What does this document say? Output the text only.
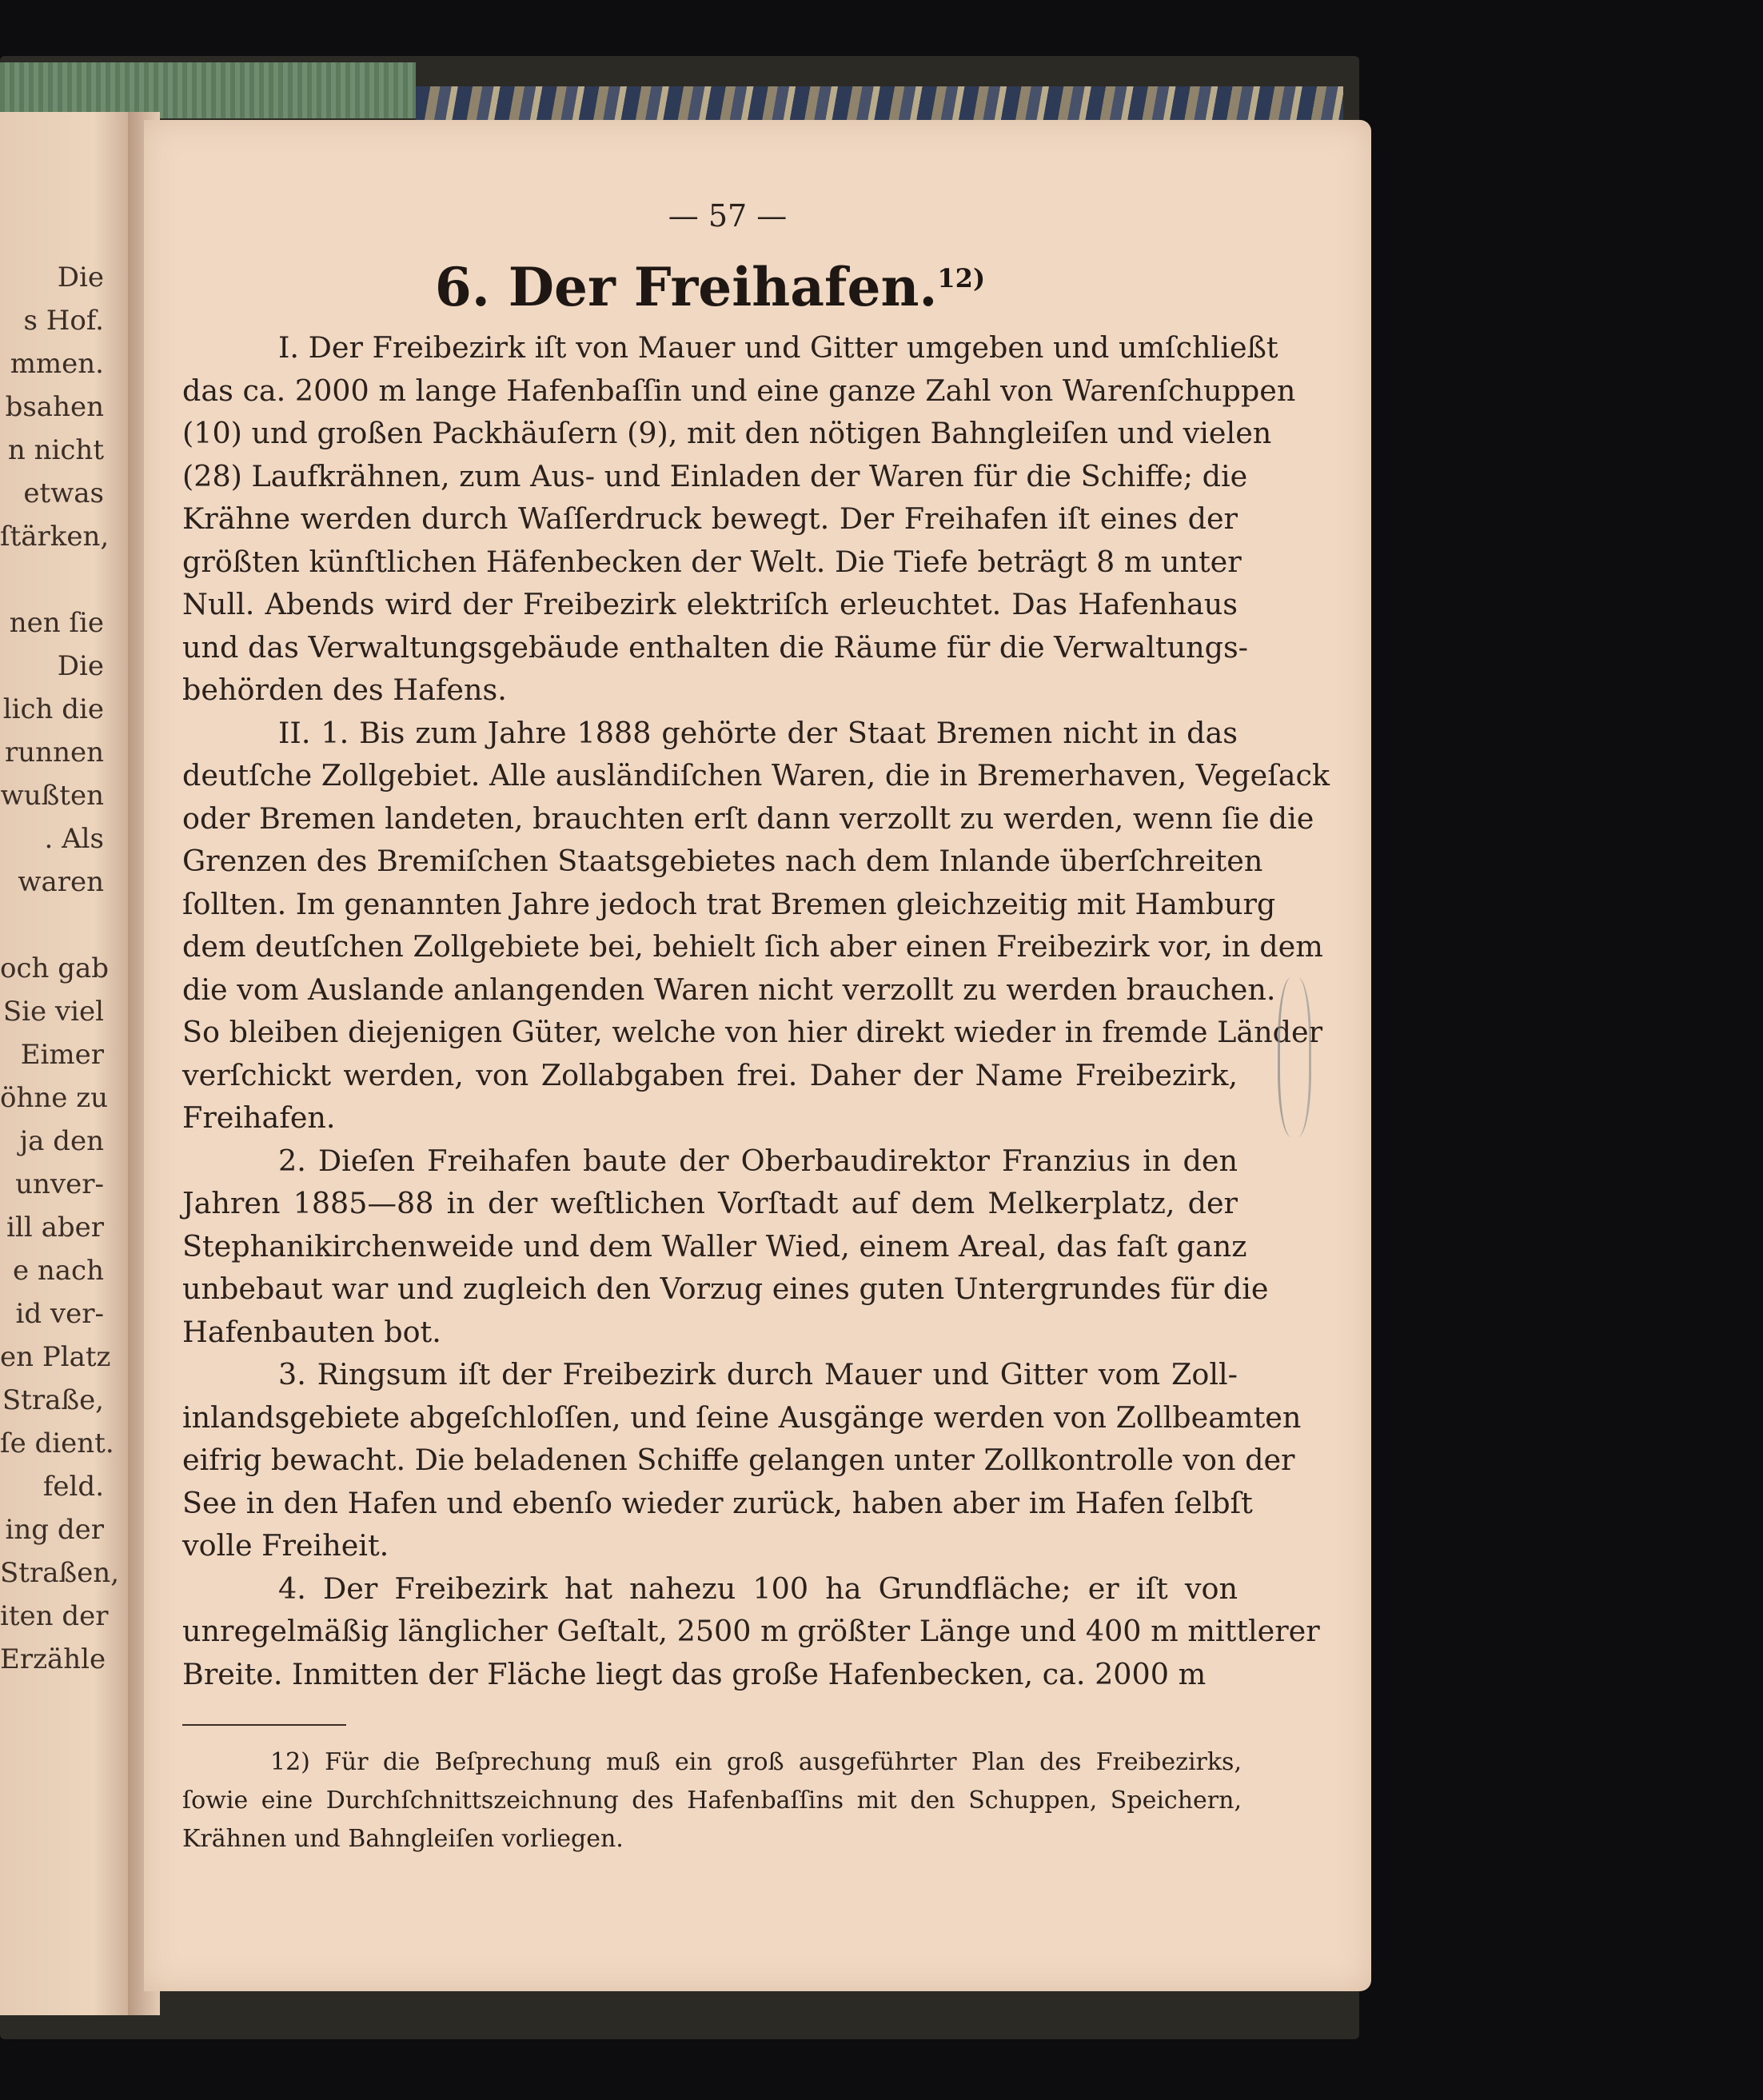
Die
s Hof.
mmen.
bsahen
n nicht
etwas
ſtärken,
nen ſie
Die
lich die
runnen
wußten
. Als
waren
och gab
Sie viel
Eimer
öhne zu
ja den
unver-
ill aber
e nach
id ver-
en Platz
Straße,
ſe dient.
feld.
ing der
Straßen,
iten der
Erzähle
— 57 —
6. Der Freihafen.$^{12)}$
I. Der Freibezirk iſt von Mauer und Gitter umgeben und umſchließt
das ca. 2000 m lange Hafenbaſſin und eine ganze Zahl von Warenſchuppen
(10) und großen Packhäuſern (9), mit den nötigen Bahngleiſen und vielen
(28) Laufkrähnen, zum Aus- und Einladen der Waren für die Schiffe; die
Krähne werden durch Waſſerdruck bewegt. Der Freihafen iſt eines der
größten künſtlichen Häfenbecken der Welt. Die Tiefe beträgt 8 m unter
Null. Abends wird der Freibezirk elektriſch erleuchtet. Das Hafenhaus
und das Verwaltungsgebäude enthalten die Räume für die Verwaltungs-
behörden des Hafens.
II. 1. Bis zum Jahre 1888 gehörte der Staat Bremen nicht in das
deutſche Zollgebiet. Alle ausländiſchen Waren, die in Bremerhaven, Vegeſack
oder Bremen landeten, brauchten erſt dann verzollt zu werden, wenn ſie die
Grenzen des Bremiſchen Staatsgebietes nach dem Inlande überſchreiten
ſollten. Im genannten Jahre jedoch trat Bremen gleichzeitig mit Hamburg
dem deutſchen Zollgebiete bei, behielt ſich aber einen Freibezirk vor, in dem
die vom Auslande anlangenden Waren nicht verzollt zu werden brauchen.
So bleiben diejenigen Güter, welche von hier direkt wieder in fremde Länder
verſchickt werden, von Zollabgaben frei. Daher der Name Freibezirk,
Freihafen.
2. Dieſen Freihafen baute der Oberbaudirektor Franzius in den
Jahren 1885—88 in der weſtlichen Vorſtadt auf dem Melkerplatz, der
Stephanikirchenweide und dem Waller Wied, einem Areal, das faſt ganz
unbebaut war und zugleich den Vorzug eines guten Untergrundes für die
Hafenbauten bot.
3. Ringsum iſt der Freibezirk durch Mauer und Gitter vom Zoll-
inlandsgebiete abgeſchloſſen, und ſeine Ausgänge werden von Zollbeamten
eifrig bewacht. Die beladenen Schiffe gelangen unter Zollkontrolle von der
See in den Hafen und ebenſo wieder zurück, haben aber im Hafen ſelbſt
volle Freiheit.
4. Der Freibezirk hat nahezu 100 ha Grundfläche; er iſt von
unregelmäßig länglicher Geſtalt, 2500 m größter Länge und 400 m mittlerer
Breite. Inmitten der Fläche liegt das große Hafenbecken, ca. 2000 m
12) Für die Beſprechung muß ein groß ausgeführter Plan des Freibezirks,
ſowie eine Durchſchnittszeichnung des Hafenbaſſins mit den Schuppen, Speichern,
Krähnen und Bahngleiſen vorliegen.
